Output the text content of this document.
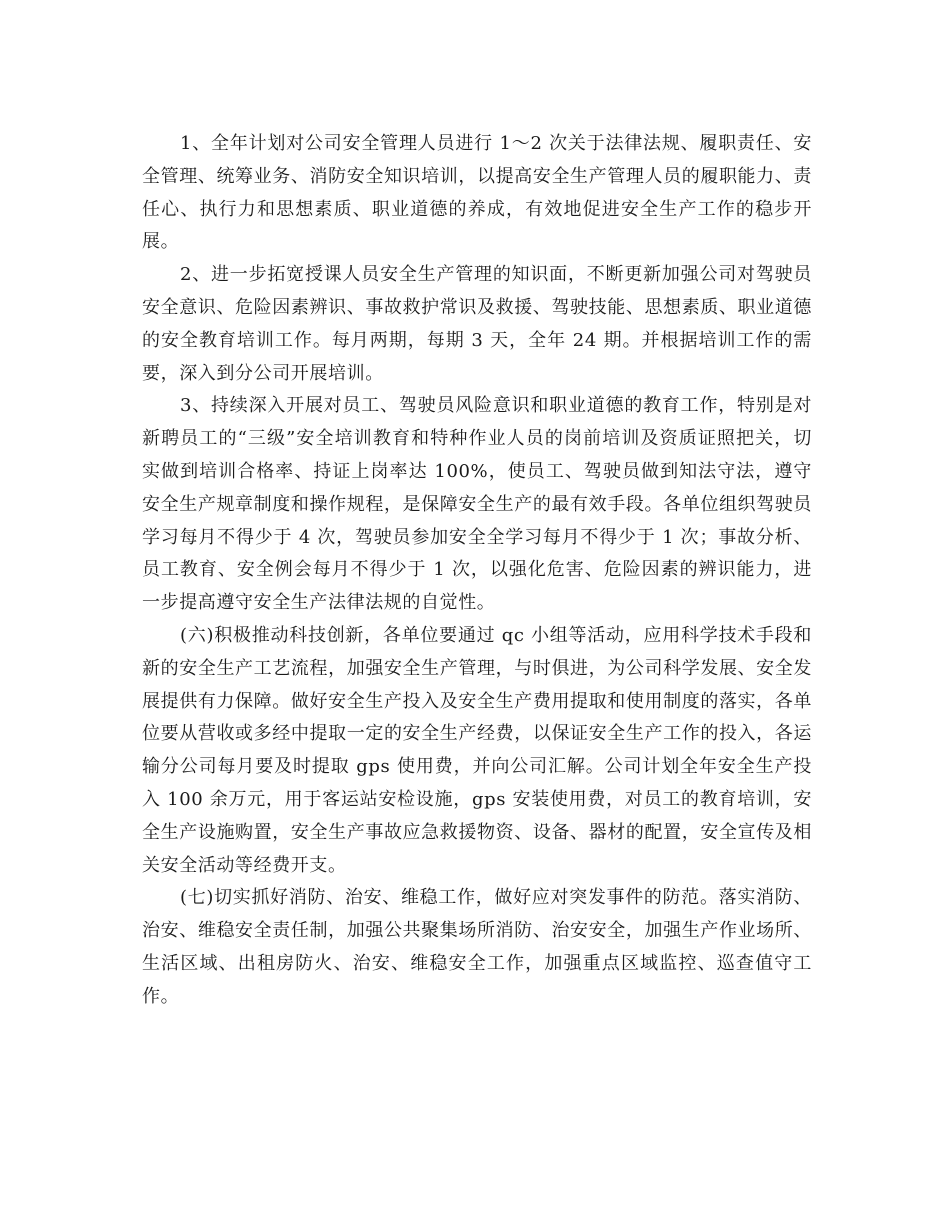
1、全年计划对公司安全管理人员进行 1～2 次关于法律法规、履职责任、安全管理、统筹业务、消防安全知识培训，以提高安全生产管理人员的履职能力、责任心、执行力和思想素质、职业道德的养成，有效地促进安全生产工作的稳步开展。

2、进一步拓宽授课人员安全生产管理的知识面，不断更新加强公司对驾驶员安全意识、危险因素辨识、事故救护常识及救援、驾驶技能、思想素质、职业道德的安全教育培训工作。每月两期，每期 3 天，全年 24 期。并根据培训工作的需要，深入到分公司开展培训。

3、持续深入开展对员工、驾驶员风险意识和职业道德的教育工作，特别是对新聘员工的“三级”安全培训教育和特种作业人员的岗前培训及资质证照把关，切实做到培训合格率、持证上岗率达 100%，使员工、驾驶员做到知法守法，遵守安全生产规章制度和操作规程，是保障安全生产的最有效手段。各单位组织驾驶员学习每月不得少于 4 次，驾驶员参加安全全学习每月不得少于 1 次；事故分析、员工教育、安全例会每月不得少于 1 次，以强化危害、危险因素的辨识能力，进一步提高遵守安全生产法律法规的自觉性。

(六)积极推动科技创新，各单位要通过 qc 小组等活动，应用科学技术手段和新的安全生产工艺流程，加强安全生产管理，与时俱进，为公司科学发展、安全发展提供有力保障。做好安全生产投入及安全生产费用提取和使用制度的落实，各单位要从营收或多经中提取一定的安全生产经费，以保证安全生产工作的投入，各运输分公司每月要及时提取 gps 使用费，并向公司汇解。公司计划全年安全生产投入 100 余万元，用于客运站安检设施，gps 安装使用费，对员工的教育培训，安全生产设施购置，安全生产事故应急救援物资、设备、器材的配置，安全宣传及相关安全活动等经费开支。

(七)切实抓好消防、治安、维稳工作，做好应对突发事件的防范。落实消防、治安、维稳安全责任制，加强公共聚集场所消防、治安安全，加强生产作业场所、生活区域、出租房防火、治安、维稳安全工作，加强重点区域监控、巡查值守工作。
